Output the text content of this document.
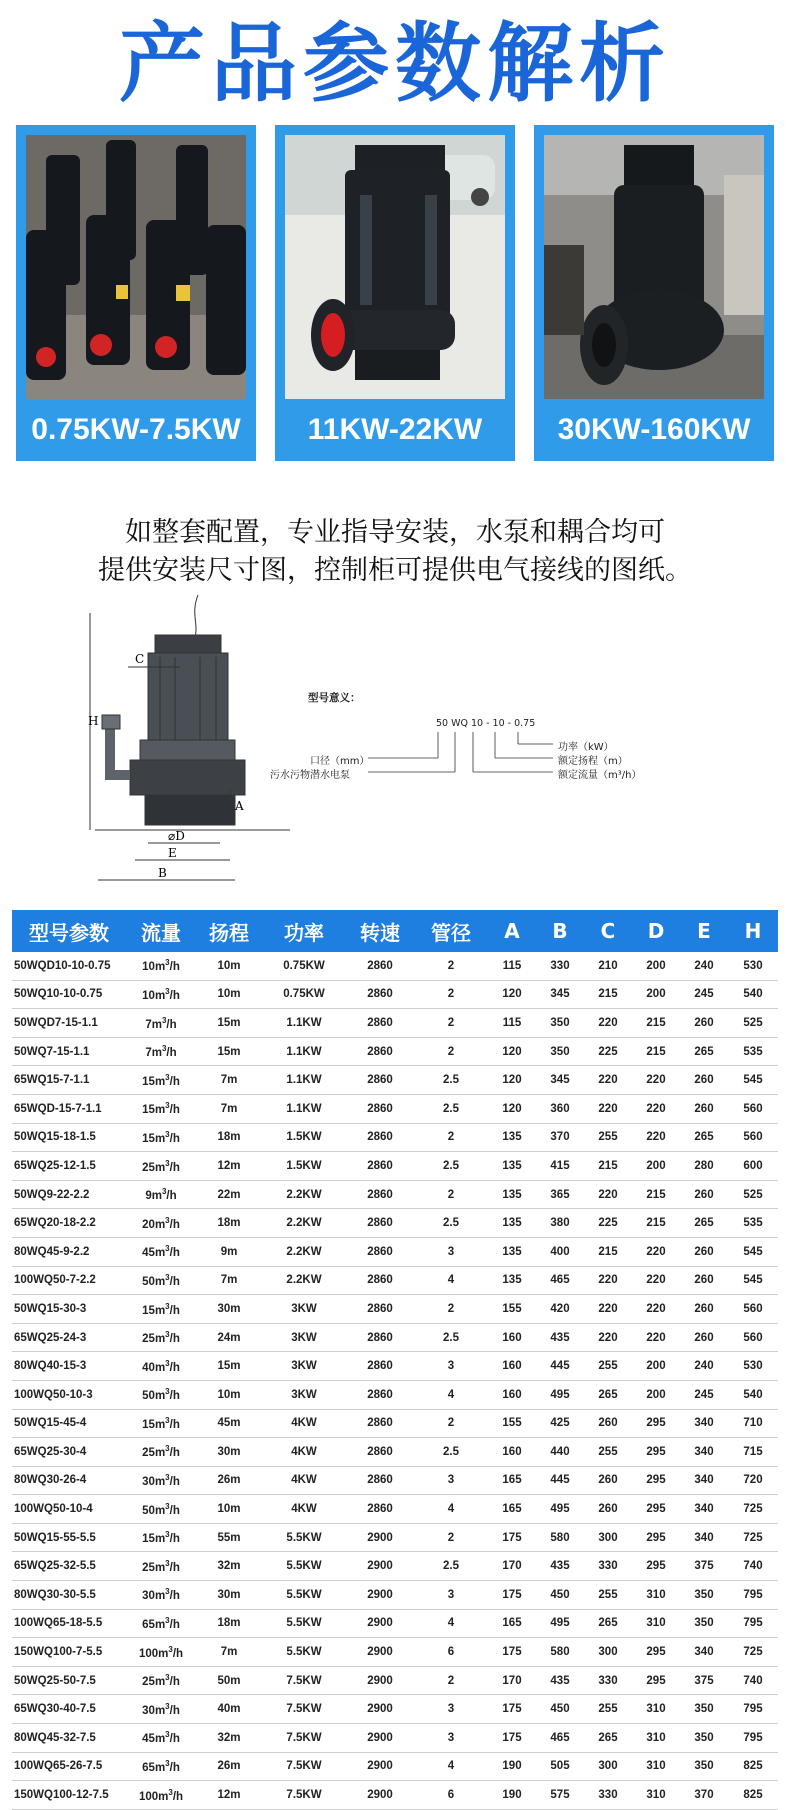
产品参数解析
0.75KW-7.5KW	11KW-22KW	30KW-160KW
如整套配置，专业指导安装，水泵和耦合均可
提供安装尺寸图，控制柜可提供电气接线的图纸。
H
C
A
⌀D
E
B
型号意义：
50 WQ 10 - 10 - 0.75
功率（kW）
额定扬程（m）
额定流量（m³/h）
口径（mm）
污水污物潜水电泵
型号参数	流量	扬程	功率	转速	管径	A	B	C	D	E	H
50WQD10-10-0.75	$10m^3/h$	10m	0.75KW	2860	2	115	330	210	200	240	530
50WQ10-10-0.75	$10m^3/h$	10m	0.75KW	2860	2	120	345	215	200	245	540
50WQD7-15-1.1	$7m^3/h$	15m	1.1KW	2860	2	115	350	220	215	260	525
50WQ7-15-1.1	$7m^3/h$	15m	1.1KW	2860	2	120	350	225	215	265	535
65WQ15-7-1.1	$15m^3/h$	7m	1.1KW	2860	2.5	120	345	220	220	260	545
65WQD-15-7-1.1	$15m^3/h$	7m	1.1KW	2860	2.5	120	360	220	220	260	560
50WQ15-18-1.5	$15m^3/h$	18m	1.5KW	2860	2	135	370	255	220	265	560
65WQ25-12-1.5	$25m^3/h$	12m	1.5KW	2860	2.5	135	415	215	200	280	600
50WQ9-22-2.2	$9m^3/h$	22m	2.2KW	2860	2	135	365	220	215	260	525
65WQ20-18-2.2	$20m^3/h$	18m	2.2KW	2860	2.5	135	380	225	215	265	535
80WQ45-9-2.2	$45m^3/h$	9m	2.2KW	2860	3	135	400	215	220	260	545
100WQ50-7-2.2	$50m^3/h$	7m	2.2KW	2860	4	135	465	220	220	260	545
50WQ15-30-3	$15m^3/h$	30m	3KW	2860	2	155	420	220	220	260	560
65WQ25-24-3	$25m^3/h$	24m	3KW	2860	2.5	160	435	220	220	260	560
80WQ40-15-3	$40m^3/h$	15m	3KW	2860	3	160	445	255	200	240	530
100WQ50-10-3	$50m^3/h$	10m	3KW	2860	4	160	495	265	200	245	540
50WQ15-45-4	$15m^3/h$	45m	4KW	2860	2	155	425	260	295	340	710
65WQ25-30-4	$25m^3/h$	30m	4KW	2860	2.5	160	440	255	295	340	715
80WQ30-26-4	$30m^3/h$	26m	4KW	2860	3	165	445	260	295	340	720
100WQ50-10-4	$50m^3/h$	10m	4KW	2860	4	165	495	260	295	340	725
50WQ15-55-5.5	$15m^3/h$	55m	5.5KW	2900	2	175	580	300	295	340	725
65WQ25-32-5.5	$25m^3/h$	32m	5.5KW	2900	2.5	170	435	330	295	375	740
80WQ30-30-5.5	$30m^3/h$	30m	5.5KW	2900	3	175	450	255	310	350	795
100WQ65-18-5.5	$65m^3/h$	18m	5.5KW	2900	4	165	495	265	310	350	795
150WQ100-7-5.5	$100m^3/h$	7m	5.5KW	2900	6	175	580	300	295	340	725
50WQ25-50-7.5	$25m^3/h$	50m	7.5KW	2900	2	170	435	330	295	375	740
65WQ30-40-7.5	$30m^3/h$	40m	7.5KW	2900	3	175	450	255	310	350	795
80WQ45-32-7.5	$45m^3/h$	32m	7.5KW	2900	3	175	465	265	310	350	795
100WQ65-26-7.5	$65m^3/h$	26m	7.5KW	2900	4	190	505	300	310	350	825
150WQ100-12-7.5	$100m^3/h$	12m	7.5KW	2900	6	190	575	330	310	370	825
